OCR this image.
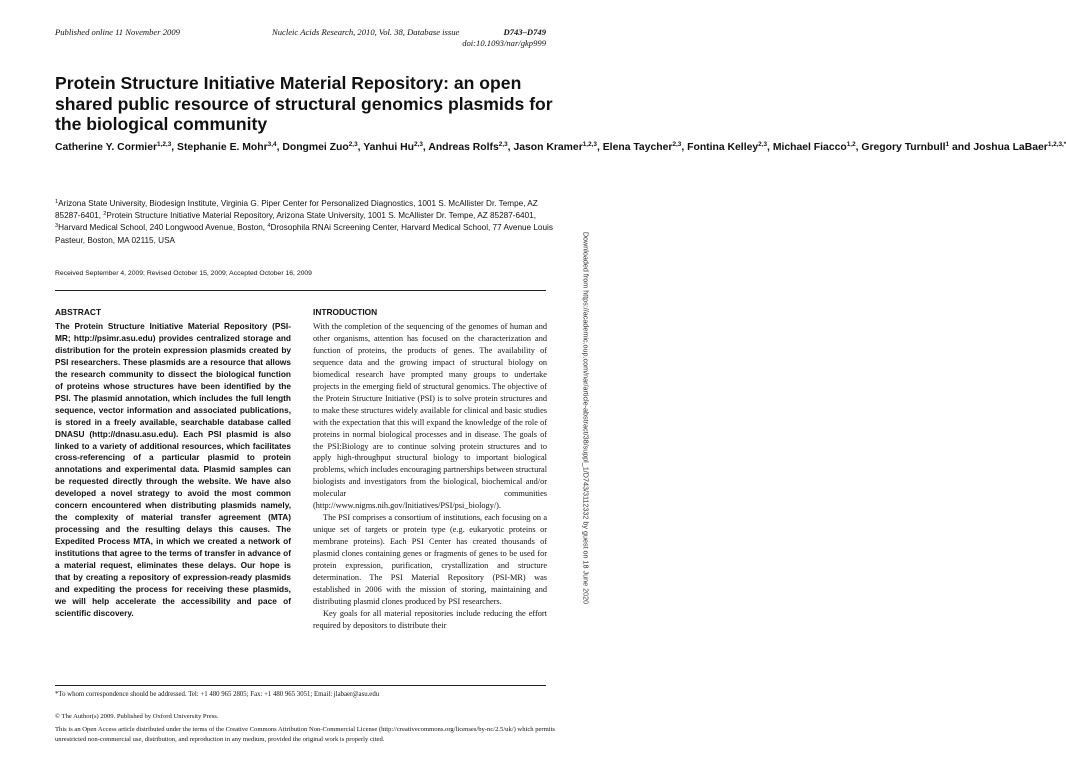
Published online 11 November 2009	Nucleic Acids Research, 2010, Vol. 38, Database issue	D743–D749
doi:10.1093/nar/gkp999
Protein Structure Initiative Material Repository: an open shared public resource of structural genomics plasmids for the biological community
Catherine Y. Cormier$^{1,2,3}$, Stephanie E. Mohr$^{3,4}$, Dongmei Zuo$^{2,3}$, Yanhui Hu$^{2,3}$, Andreas Rolfs$^{2,3}$, Jason Kramer$^{1,2,3}$, Elena Taycher$^{2,3}$, Fontina Kelley$^{2,3}$, Michael Fiacco$^{1,2}$, Gregory Turnbull$^1$ and Joshua LaBaer$^{1,2,3,*}$
$^1$Arizona State University, Biodesign Institute, Virginia G. Piper Center for Personalized Diagnostics, 1001 S. McAllister Dr. Tempe, AZ 85287-6401, $^2$Protein Structure Initiative Material Repository, Arizona State University, 1001 S. McAllister Dr. Tempe, AZ 85287-6401, $^3$Harvard Medical School, 240 Longwood Avenue, Boston, $^4$Drosophila RNAi Screening Center, Harvard Medical School, 77 Avenue Louis Pasteur, Boston, MA 02115, USA
Received September 4, 2009; Revised October 15, 2009; Accepted October 16, 2009
ABSTRACT
The Protein Structure Initiative Material Repository (PSI-MR; http://psimr.asu.edu) provides centralized storage and distribution for the protein expression plasmids created by PSI researchers. These plasmids are a resource that allows the research community to dissect the biological function of proteins whose structures have been identified by the PSI. The plasmid annotation, which includes the full length sequence, vector information and associated publications, is stored in a freely available, searchable database called DNASU (http://dnasu.asu.edu). Each PSI plasmid is also linked to a variety of additional resources, which facilitates cross-referencing of a particular plasmid to protein annotations and experimental data. Plasmid samples can be requested directly through the website. We have also developed a novel strategy to avoid the most common concern encountered when distributing plasmids namely, the complexity of material transfer agreement (MTA) processing and the resulting delays this causes. The Expedited Process MTA, in which we created a network of institutions that agree to the terms of transfer in advance of a material request, eliminates these delays. Our hope is that by creating a repository of expression-ready plasmids and expediting the process for receiving these plasmids, we will help accelerate the accessibility and pace of scientific discovery.
INTRODUCTION

With the completion of the sequencing of the genomes of human and other organisms, attention has focused on the characterization and function of proteins, the products of genes. The availability of sequence data and the growing impact of structural biology on biomedical research have prompted many groups to undertake projects in the emerging field of structural genomics. The objective of the Protein Structure Initiative (PSI) is to solve protein structures and to make these structures widely available for clinical and basic studies with the expectation that this will expand the knowledge of the role of proteins in normal biological processes and in disease. The goals of the PSI:Biology are to continue solving protein structures and to apply high-throughput structural biology to important biological problems, which includes encouraging partnerships between structural biologists and investigators from the biological, biochemical and/or molecular communities (http://www.nigms.nih.gov/Initiatives/PSI/psi_biology/).

The PSI comprises a consortium of institutions, each focusing on a unique set of targets or protein type (e.g. eukaryotic proteins or membrane proteins). Each PSI Center has created thousands of plasmid clones containing genes or fragments of genes to be used for protein expression, purification, crystallization and structure determination. The PSI Material Repository (PSI-MR) was established in 2006 with the mission of storing, maintaining and distributing plasmid clones produced by PSI researchers.

Key goals for all material repositories include reducing the effort required by depositors to distribute their

*To whom correspondence should be addressed. Tel: +1 480 965 2805; Fax: +1 480 965 3051; Email: jlabaer@asu.edu
© The Author(s) 2009. Published by Oxford University Press.
This is an Open Access article distributed under the terms of the Creative Commons Attribution Non-Commercial License (http://creativecommons.org/licenses/by-nc/2.5/uk/) which permits unrestricted non-commercial use, distribution, and reproduction in any medium, provided the original work is properly cited.
Downloaded from https://academic.oup.com/nar/article-abstract/38/suppl_1/D743/3112332 by guest on 18 June 2020
